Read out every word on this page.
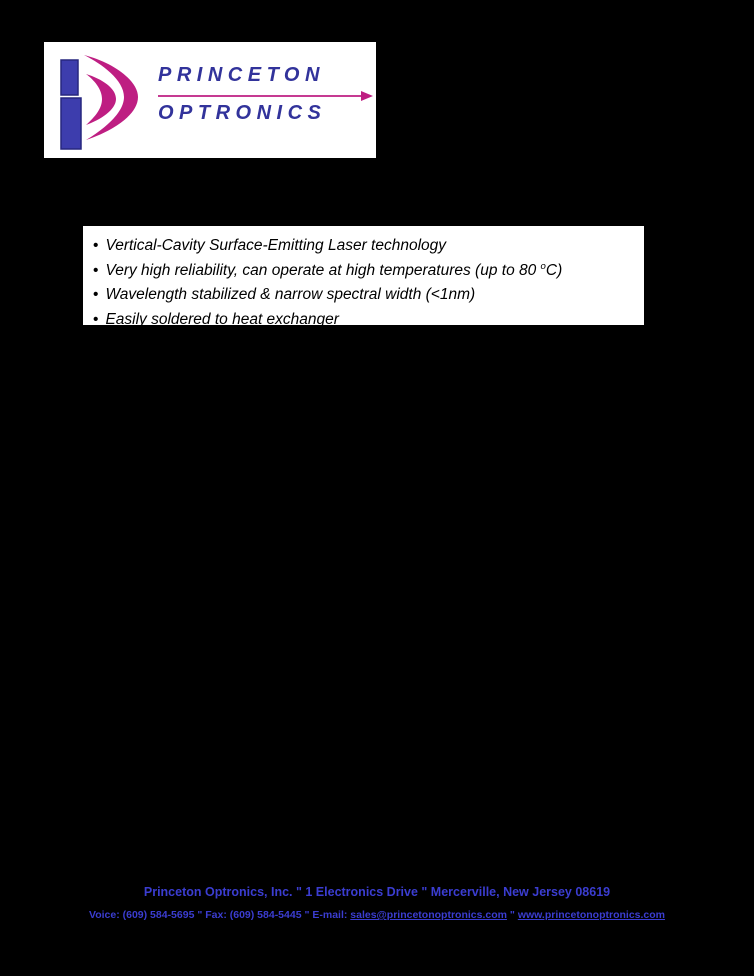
PRINCETON
OPTRONICS
• Vertical-Cavity Surface-Emitting Laser technology
• Very high reliability, can operate at high temperatures (up to 80 $^o$C)
• Wavelength stabilized & narrow spectral width (<1nm)
• Easily soldered to heat exchanger
Princeton Optronics, Inc. " 1 Electronics Drive " Mercerville, New Jersey 08619
Voice: (609) 584-5695 " Fax: (609) 584-5445 " E-mail: sales@princetonoptronics.com " www.princetonoptronics.com
